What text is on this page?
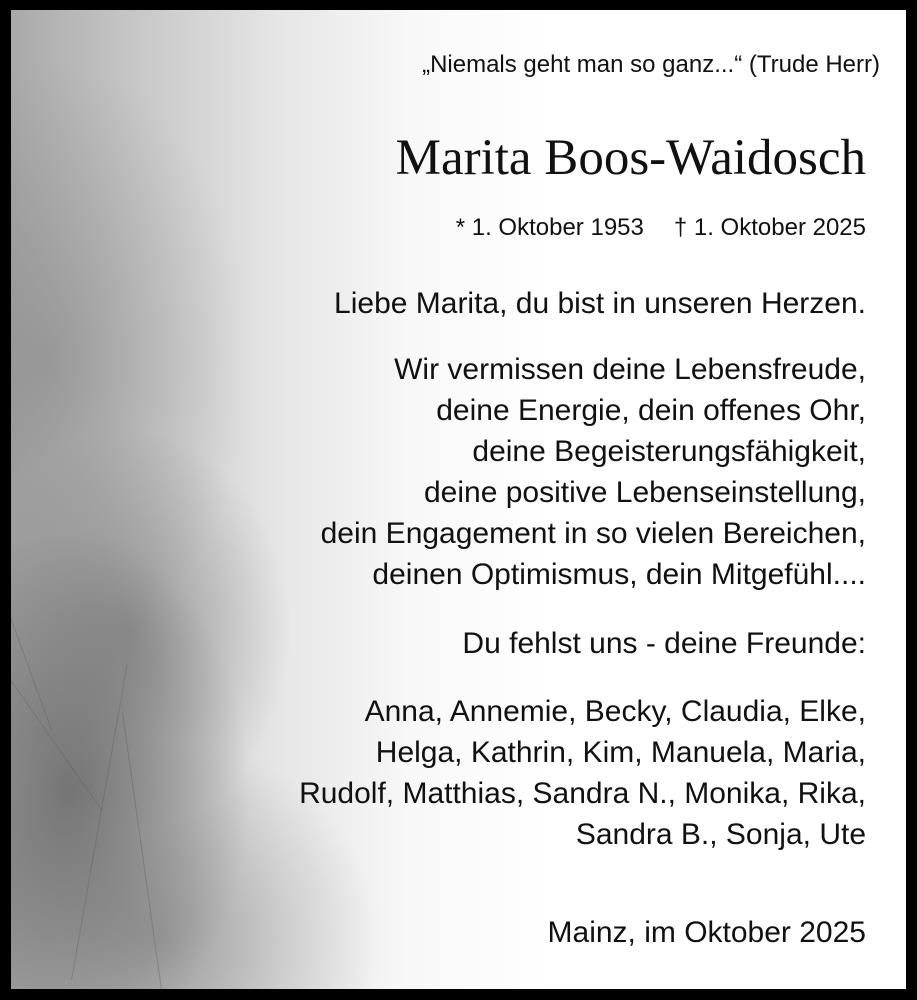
„Niemals geht man so ganz...“ (Trude Herr)
Marita Boos-Waidosch
* 1. Oktober 1953 † 1. Oktober 2025
Liebe Marita, du bist in unseren Herzen.
Wir vermissen deine Lebensfreude,
deine Energie, dein offenes Ohr,
deine Begeisterungsfähigkeit,
deine positive Lebenseinstellung,
dein Engagement in so vielen Bereichen,
deinen Optimismus, dein Mitgefühl....
Du fehlst uns - deine Freunde:
Anna, Annemie, Becky, Claudia, Elke,
Helga, Kathrin, Kim, Manuela, Maria,
Rudolf, Matthias, Sandra N., Monika, Rika,
Sandra B., Sonja, Ute
Mainz, im Oktober 2025
